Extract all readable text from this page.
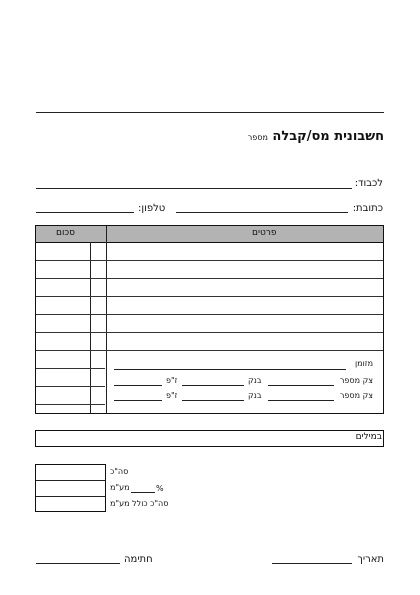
חשבונית מס/קבלה מספר
לכבוד:
כתובת:
טלפון:
פרטים
סכום
מזומן
צק מספר
בנק
ז"פ
צק מספר
בנק
ז"פ
במילים
סה"כ
מע"מ	%
סה"כ כולל מע"מ
תאריך
חתימה
